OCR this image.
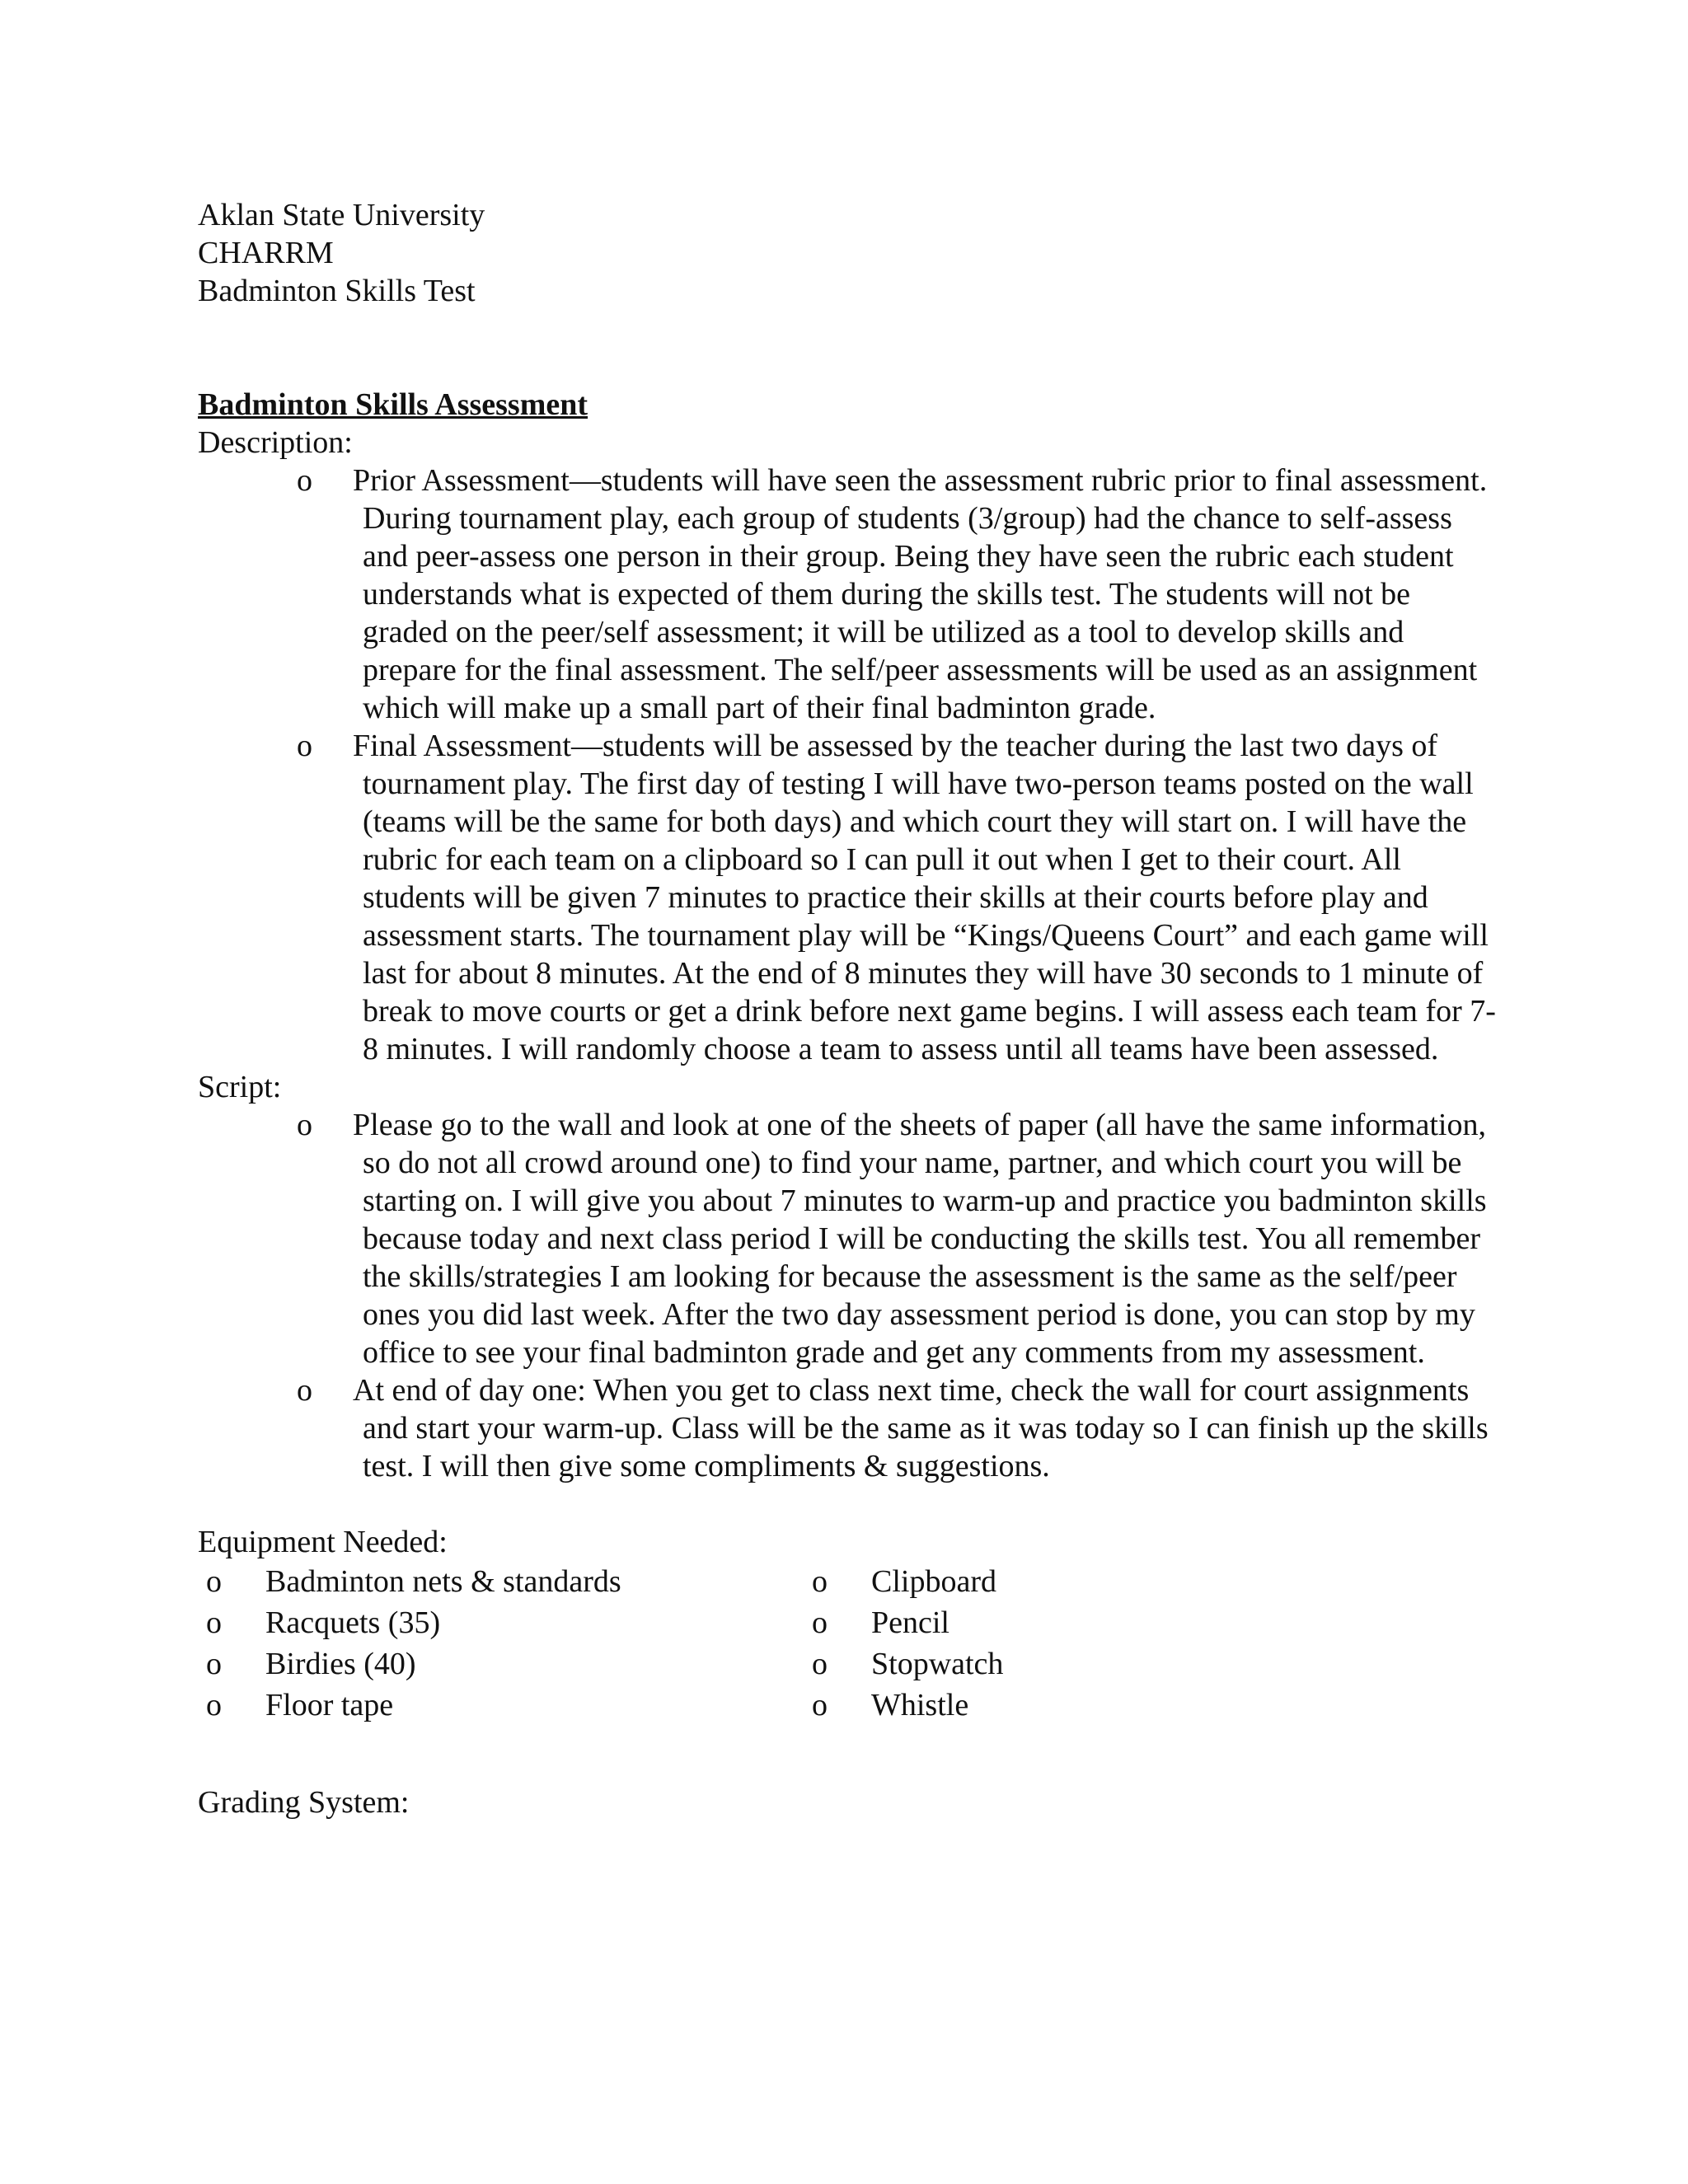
Aklan State University

CHARRM

Badminton Skills Test

Badminton Skills Assessment

Description:

o Prior Assessment—students will have seen the assessment rubric prior to final assessment. During tournament play, each group of students (3/group) had the chance to self-assess and peer-assess one person in their group. Being they have seen the rubric each student understands what is expected of them during the skills test. The students will not be graded on the peer/self assessment; it will be utilized as a tool to develop skills and prepare for the final assessment. The self/peer assessments will be used as an assignment which will make up a small part of their final badminton grade.
o Final Assessment—students will be assessed by the teacher during the last two days of tournament play. The first day of testing I will have two-person teams posted on the wall (teams will be the same for both days) and which court they will start on. I will have the rubric for each team on a clipboard so I can pull it out when I get to their court. All students will be given 7 minutes to practice their skills at their courts before play and assessment starts. The tournament play will be “Kings/Queens Court” and each game will last for about 8 minutes. At the end of 8 minutes they will have 30 seconds to 1 minute of break to move courts or get a drink before next game begins. I will assess each team for 7-8 minutes. I will randomly choose a team to assess until all teams have been assessed.

Script:

o Please go to the wall and look at one of the sheets of paper (all have the same information, so do not all crowd around one) to find your name, partner, and which court you will be starting on. I will give you about 7 minutes to warm-up and practice you badminton skills because today and next class period I will be conducting the skills test. You all remember the skills/strategies I am looking for because the assessment is the same as the self/peer ones you did last week. After the two day assessment period is done, you can stop by my office to see your final badminton grade and get any comments from my assessment.
o At end of day one: When you get to class next time, check the wall for court assignments and start your warm-up. Class will be the same as it was today so I can finish up the skills test. I will then give some compliments & suggestions.

Equipment Needed:

o Badminton nets & standards

o Racquets (35)

o Birdies (40)

o Floor tape

o Clipboard

o Pencil

o Stopwatch

o Whistle

Grading System:
